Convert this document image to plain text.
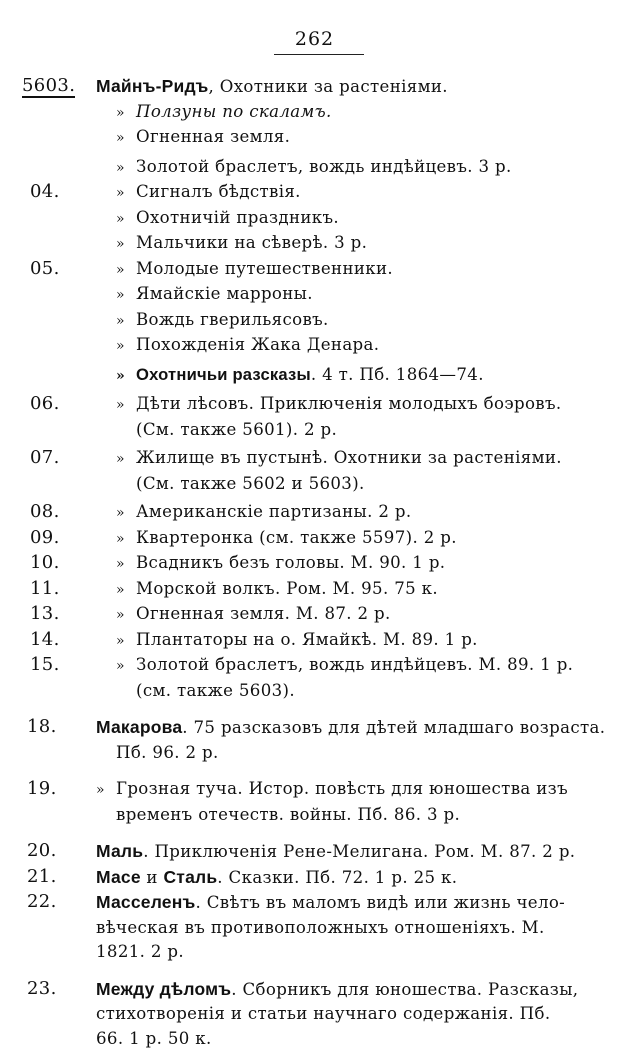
262
5603.	Майнъ-Ридъ, Охотники за растеніями.
» Ползуны по скаламъ.
» Огненная земля.
» Золотой браслетъ, вождь индѣйцевъ. 3 р.
04.	» Сигналъ бѣдствія.
» Охотничій праздникъ.
» Мальчики на сѣверѣ. 3 р.
05.	» Молодые путешественники.
» Ямайскіе марроны.
» Вождь гверильясовъ.
» Похожденія Жака Денара.
» Охотничьи разсказы. 4 т. Пб. 1864—74.
06.	» Дѣти лѣсовъ. Приключенія молодыхъ боэровъ.
(См. также 5601). 2 р.
07.	» Жилище въ пустынѣ. Охотники за растеніями.
(См. также 5602 и 5603).
08.	» Американскіе партизаны. 2 р.
09.	» Квартеронка (см. также 5597). 2 р.
10.	» Всадникъ безъ головы. М. 90. 1 р.
11.	» Морской волкъ. Ром. М. 95. 75 к.
13.	» Огненная земля. М. 87. 2 р.
14.	» Плантаторы на о. Ямайкѣ. М. 89. 1 р.
15.	» Золотой браслетъ, вождь индѣйцевъ. М. 89. 1 р.
(см. также 5603).
18.	Макарова. 75 разсказовъ для дѣтей младшаго возраста.
Пб. 96. 2 р.
19.	» Грозная туча. Истор. повѣсть для юношества изъ
временъ отечеств. войны. Пб. 86. 3 р.
20.	Маль. Приключенія Рене-Мелигана. Ром. М. 87. 2 р.
21.	Масе и Сталь. Сказки. Пб. 72. 1 р. 25 к.
22.	Масселенъ. Свѣтъ въ маломъ видѣ или жизнь чело-
вѣческая въ противоположныхъ отношеніяхъ. М.
1821. 2 р.
23.	Между дѣломъ. Сборникъ для юношества. Разсказы,
стихотворенія и статьи научнаго содержанія. Пб.
66. 1 р. 50 к.
